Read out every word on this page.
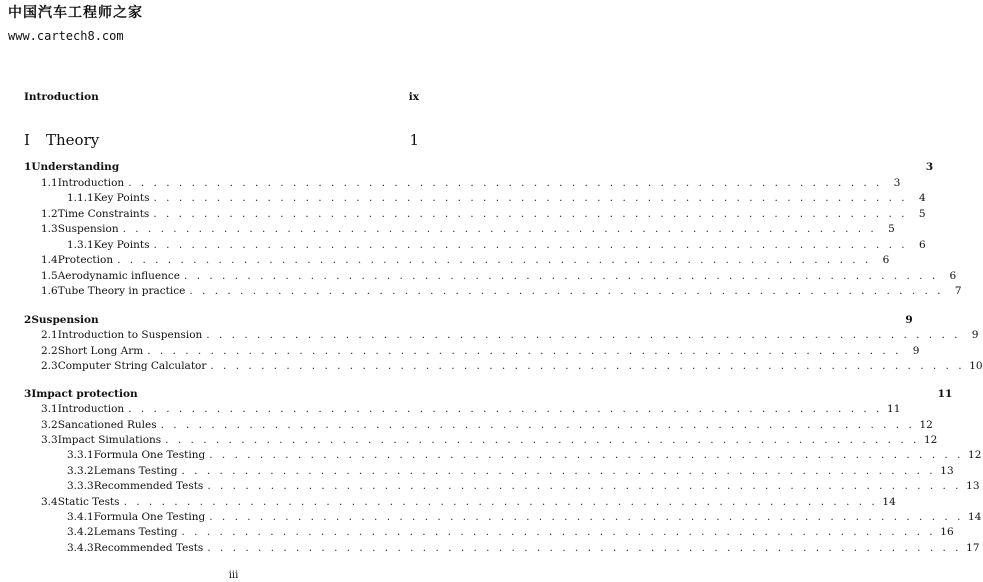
中国汽车工程师之家
www.cartech8.com
Introduction	ix
I	Theory	1
1 Understanding	3
1.1 Introduction . . . . . . . . . . . . . . . . . . . . . . . . . . . . . . . . . . . . . . . . . . . . . . . . . . . . . . . . . . . .	3
1.1.1 Key Points . . . . . . . . . . . . . . . . . . . . . . . . . . . . . . . . . . . . . . . . . . . . . . . . . . . . . . . . . . . .	4
1.2 Time Constraints . . . . . . . . . . . . . . . . . . . . . . . . . . . . . . . . . . . . . . . . . . . . . . . . . . . . . . . . . . . .	5
1.3 Suspension . . . . . . . . . . . . . . . . . . . . . . . . . . . . . . . . . . . . . . . . . . . . . . . . . . . . . . . . . . . .	5
1.3.1 Key Points . . . . . . . . . . . . . . . . . . . . . . . . . . . . . . . . . . . . . . . . . . . . . . . . . . . . . . . . . . . .	6
1.4 Protection . . . . . . . . . . . . . . . . . . . . . . . . . . . . . . . . . . . . . . . . . . . . . . . . . . . . . . . . . . . .	6
1.5 Aerodynamic influence . . . . . . . . . . . . . . . . . . . . . . . . . . . . . . . . . . . . . . . . . . . . . . . . . . . . . . . . . . . .	6
1.6 Tube Theory in practice . . . . . . . . . . . . . . . . . . . . . . . . . . . . . . . . . . . . . . . . . . . . . . . . . . . . . . . . . . . .	7
2 Suspension	9
2.1 Introduction to Suspension . . . . . . . . . . . . . . . . . . . . . . . . . . . . . . . . . . . . . . . . . . . . . . . . . . . . . . . . . . . .	9
2.2 Short Long Arm . . . . . . . . . . . . . . . . . . . . . . . . . . . . . . . . . . . . . . . . . . . . . . . . . . . . . . . . . . . .	9
2.3 Computer String Calculator . . . . . . . . . . . . . . . . . . . . . . . . . . . . . . . . . . . . . . . . . . . . . . . . . . . . . . . . . . . . 10
3 Impact protection	11
3.1 Introduction . . . . . . . . . . . . . . . . . . . . . . . . . . . . . . . . . . . . . . . . . . . . . . . . . . . . . . . . . . . . 11
3.2 Sancationed Rules . . . . . . . . . . . . . . . . . . . . . . . . . . . . . . . . . . . . . . . . . . . . . . . . . . . . . . . . . . . . 12
3.3 Impact Simulations . . . . . . . . . . . . . . . . . . . . . . . . . . . . . . . . . . . . . . . . . . . . . . . . . . . . . . . . . . . . 12
3.3.1 Formula One Testing . . . . . . . . . . . . . . . . . . . . . . . . . . . . . . . . . . . . . . . . . . . . . . . . . . . . . . . . . . . . 12
3.3.2 Lemans Testing . . . . . . . . . . . . . . . . . . . . . . . . . . . . . . . . . . . . . . . . . . . . . . . . . . . . . . . . . . . . 13
3.3.3 Recommended Tests . . . . . . . . . . . . . . . . . . . . . . . . . . . . . . . . . . . . . . . . . . . . . . . . . . . . . . . . . . . . 13
3.4 Static Tests . . . . . . . . . . . . . . . . . . . . . . . . . . . . . . . . . . . . . . . . . . . . . . . . . . . . . . . . . . . . 14
3.4.1 Formula One Testing . . . . . . . . . . . . . . . . . . . . . . . . . . . . . . . . . . . . . . . . . . . . . . . . . . . . . . . . . . . . 14
3.4.2 Lemans Testing . . . . . . . . . . . . . . . . . . . . . . . . . . . . . . . . . . . . . . . . . . . . . . . . . . . . . . . . . . . . 16
3.4.3 Recommended Tests . . . . . . . . . . . . . . . . . . . . . . . . . . . . . . . . . . . . . . . . . . . . . . . . . . . . . . . . . . . . 17
iii
